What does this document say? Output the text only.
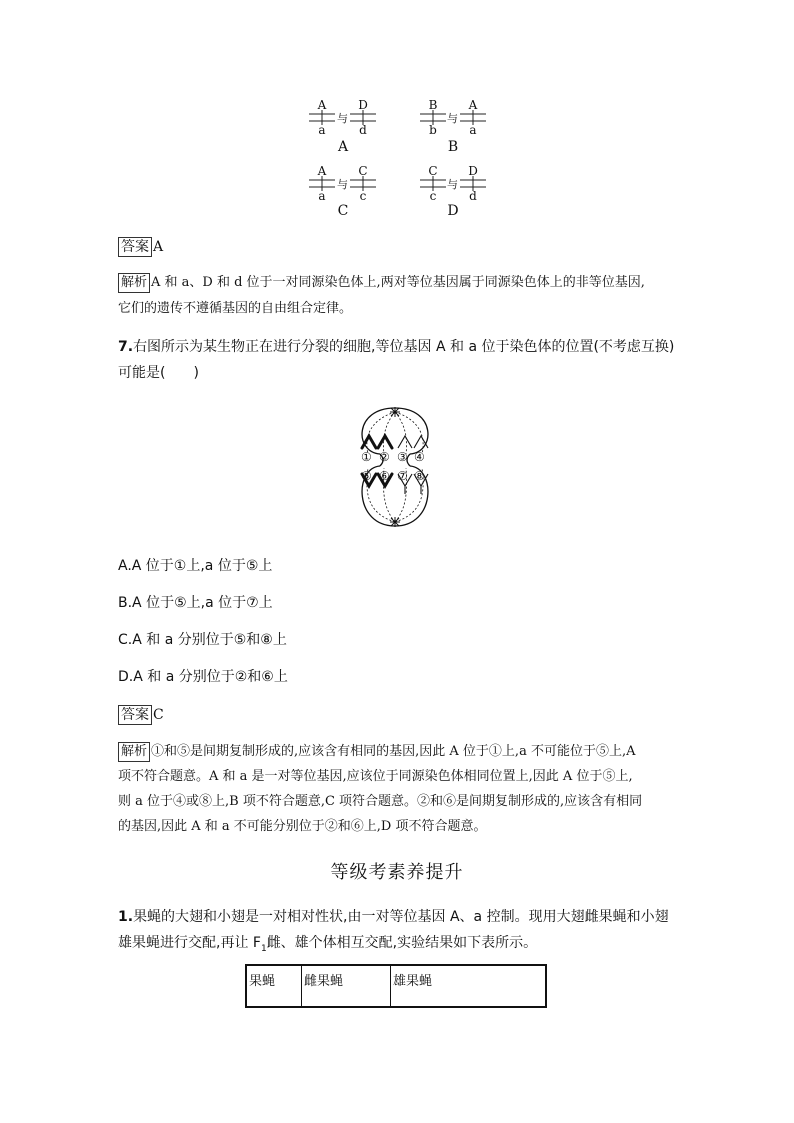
A
a
与
D
d
A
B
b
与
A
a
B
A
a
与
C
c
C
C
c
与
D
d
D
答案 A
解析 A 和 a、D 和 d 位于一对同源染色体上,两对等位基因属于同源染色体上的非等位基因,
它们的遗传不遵循基因的自由组合定律。
7.右图所示为某生物正在进行分裂的细胞,等位基因 A 和 a 位于染色体的位置(不考虑互换)
可能是(　　)
① ② ③ ④
⑤ ⑥ ⑦ ⑧
A.A 位于①上,a 位于⑤上
B.A 位于⑤上,a 位于⑦上
C.A 和 a 分别位于⑤和⑧上
D.A 和 a 分别位于②和⑥上
答案 C
解析 ①和⑤是间期复制形成的,应该含有相同的基因,因此 A 位于①上,a 不可能位于⑤上,A
项不符合题意。A 和 a 是一对等位基因,应该位于同源染色体相同位置上,因此 A 位于⑤上,
则 a 位于④或⑧上,B 项不符合题意,C 项符合题意。②和⑥是间期复制形成的,应该含有相同
的基因,因此 A 和 a 不可能分别位于②和⑥上,D 项不符合题意。
等级考素养提升
1.果蝇的大翅和小翅是一对相对性状,由一对等位基因 A、a 控制。现用大翅雌果蝇和小翅
雄果蝇进行交配,再让 $F_1$雌、雄个体相互交配,实验结果如下表所示。
果蝇	雌果蝇	雄果蝇
